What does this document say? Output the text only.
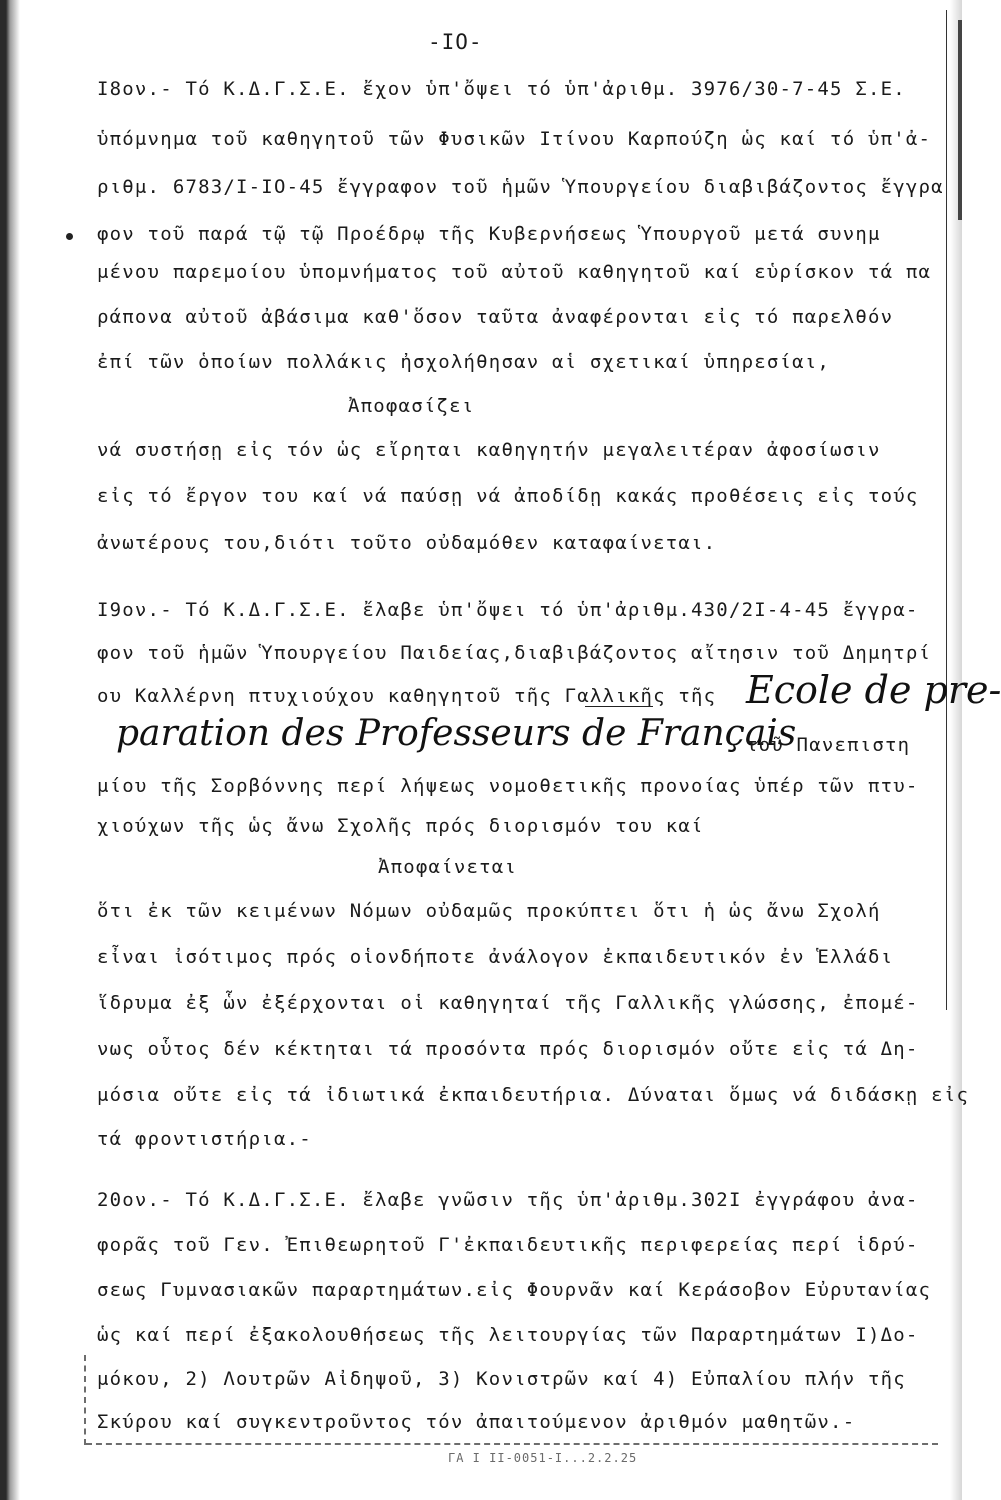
-IO-
I8ον.- Τό Κ.Δ.Γ.Σ.Ε. ἔχον ὑπ'ὄψει τό ὑπ'ἀριθμ. 3976/30-7-45 Σ.Ε.
ὑπόμνημα τοῦ καθηγητοῦ τῶν Φυσικῶν Ιτίνου Καρπούζη ὡς καί τό ὑπ'ἀ-
ριθμ. 6783/Ι-ΙΟ-45 ἔγγραφον τοῦ ἡμῶν Ὑπουργείου διαβιβάζοντος ἔγγρα
φον τοῦ παρά τῷ τῷ Προέδρῳ τῆς Κυβερνήσεως Ὑπουργοῦ μετά συνημ
μένου παρεμοίου ὑπομνήματος τοῦ αὐτοῦ καθηγητοῦ καί εὑρίσκον τά πα
ράπονα αὐτοῦ ἀβάσιμα καθ'ὅσον ταῦτα ἀναφέρονται εἰς τό παρελθόν
ἐπί τῶν ὁποίων πολλάκις ἠσχολήθησαν αἱ σχετικαί ὑπηρεσίαι,
Ἀποφασίζει
νά συστήσῃ εἰς τόν ὡς εἴρηται καθηγητήν μεγαλειτέραν ἀφοσίωσιν
εἰς τό ἔργον του καί νά παύσῃ νά ἀποδίδῃ κακάς προθέσεις εἰς τούς
ἀνωτέρους του,διότι τοῦτο οὐδαμόθεν καταφαίνεται.
I9ον.- Τό Κ.Δ.Γ.Σ.Ε. ἔλαβε ὑπ'ὄψει τό ὑπ'ἀριθμ.430/2Ι-4-45 ἔγγρα-
φον τοῦ ἡμῶν Ὑπουργείου Παιδείας,διαβιβάζοντος αἴτησιν τοῦ Δημητρί
ου Καλλέρνη πτυχιούχου καθηγητοῦ τῆς Γαλλικῆς τῆς Ecole de pre-
paration des Professeurs de Français
τοῦ Πανεπιστη
μίου τῆς Σορβόννης περί λήψεως νομοθετικῆς προνοίας ὑπέρ τῶν πτυ-
χιούχων τῆς ὡς ἄνω Σχολῆς πρός διορισμόν του καί
Ἀποφαίνεται
ὅτι ἐκ τῶν κειμένων Νόμων οὐδαμῶς προκύπτει ὅτι ἡ ὡς ἄνω Σχολή
εἶναι ἰσότιμος πρός οἱονδήποτε ἀνάλογον ἐκπαιδευτικόν ἐν Ἑλλάδι
ἵδρυμα ἐξ ὧν ἐξέρχονται οἱ καθηγηταί τῆς Γαλλικῆς γλώσσης, ἐπομέ-
νως οὗτος δέν κέκτηται τά προσόντα πρός διορισμόν οὔτε εἰς τά Δη-
μόσια οὔτε εἰς τά ἰδιωτικά ἐκπαιδευτήρια. Δύναται ὅμως νά διδάσκῃ εἰς
τά φροντιστήρια.-
20ον.- Τό Κ.Δ.Γ.Σ.Ε. ἔλαβε γνῶσιν τῆς ὑπ'ἀριθμ.302Ι ἐγγράφου ἀνα-
φορᾶς τοῦ Γεν. Ἐπιθεωρητοῦ Γ'ἐκπαιδευτικῆς περιφερείας περί ἱδρύ-
σεως Γυμνασιακῶν παραρτημάτων.εἰς Φουρνᾶν καί Κεράσοβον Εὐρυτανίας
ὡς καί περί ἐξακολουθήσεως τῆς λειτουργίας τῶν Παραρτημάτων Ι)Δο-
μόκου, 2) Λουτρῶν Αἰδηψοῦ, 3) Κονιστρῶν καί 4) Εὐπαλίου πλήν τῆς
Σκύρου καί συγκεντροῦντος τόν ἀπαιτούμενον ἀριθμόν μαθητῶν.-
ΓΑ Ι ΙΙ-0051-Ι...2.2.25
